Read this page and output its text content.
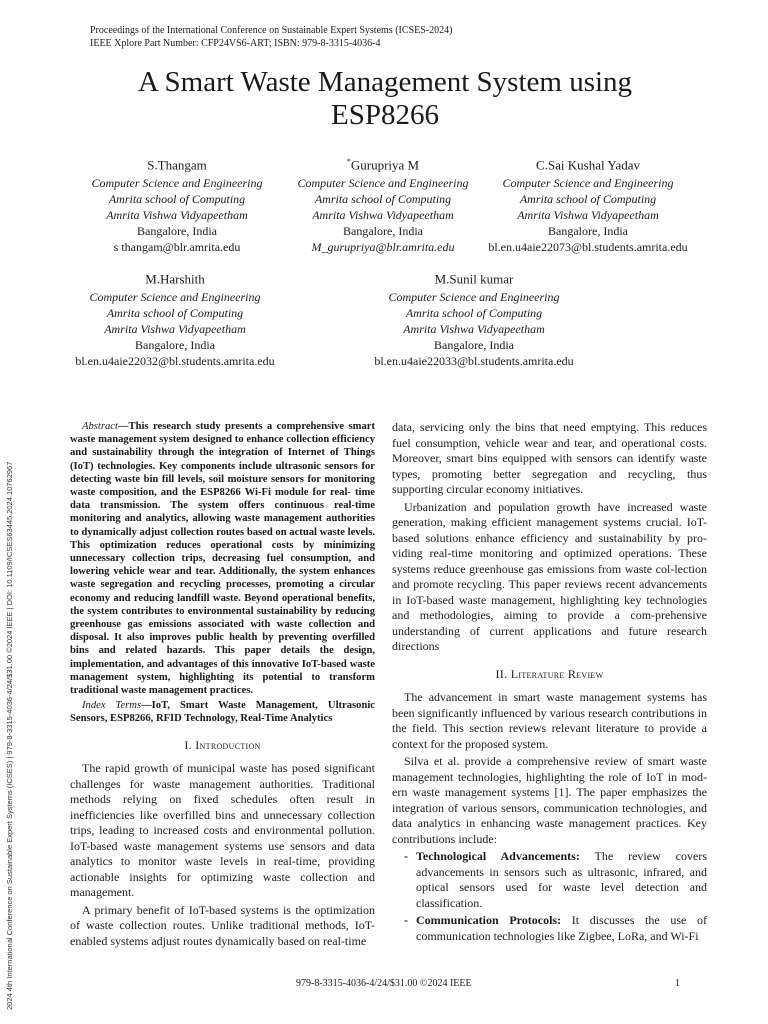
2024 4th International Conference on Sustainable Expert Systems (ICSES) | 979-8-3315-4036-4/24/$31.00 ©2024 IEEE | DOI: 10.1109/ICSES63445.2024.10762967
Proceedings of the International Conference on Sustainable Expert Systems (ICSES-2024)
IEEE Xplore Part Number: CFP24VS6-ART; ISBN: 979-8-3315-4036-4
A Smart Waste Management System using
ESP8266
S.Thangam
Computer Science and Engineering
Amrita school of Computing
Amrita Vishwa Vidyapeetham
Bangalore, India
s thangam@blr.amrita.edu
*Gurupriya M
Computer Science and Engineering
Amrita school of Computing
Amrita Vishwa Vidyapeetham
Bangalore, India
M_gurupriya@blr.amrita.edu
C.Sai Kushal Yadav
Computer Science and Engineering
Amrita school of Computing
Amrita Vishwa Vidyapeetham
Bangalore, India
bl.en.u4aie22073@bl.students.amrita.edu
M.Harshith
Computer Science and Engineering
Amrita school of Computing
Amrita Vishwa Vidyapeetham
Bangalore, India
bl.en.u4aie22032@bl.students.amrita.edu
M.Sunil kumar
Computer Science and Engineering
Amrita school of Computing
Amrita Vishwa Vidyapeetham
Bangalore, India
bl.en.u4aie22033@bl.students.amrita.edu

Abstract—This research study presents a comprehensive smart waste management system designed to enhance collection efficiency and sustainability through the integration of Internet of Things (IoT) technologies. Key components include ultrasonic sensors for detecting waste bin fill levels, soil moisture sensors for monitoring waste composition, and the ESP8266 Wi-Fi module for real- time data transmission. The system offers continuous real-time monitoring and analytics, allowing waste management authorities to dynamically adjust collection routes based on actual waste levels. This optimization reduces operational costs by minimizing unnecessary collection trips, decreasing fuel consumption, and lowering vehicle wear and tear. Additionally, the system enhances waste segregation and recycling processes, promoting a circular economy and reducing landfill waste. Beyond operational benefits, the system contributes to environmental sustainability by reducing greenhouse gas emissions associated with waste collection and disposal. It also improves public health by preventing overfilled bins and related hazards. This paper details the design, implementation, and advantages of this innovative IoT-based waste management system, highlighting its potential to transform traditional waste management practices.

Index Terms—IoT, Smart Waste Management, Ultrasonic Sensors, ESP8266, RFID Technology, Real-Time Analytics

I. Introduction

The rapid growth of municipal waste has posed significant challenges for waste management authorities. Traditional methods relying on fixed schedules often result in inefficiencies like overfilled bins and unnecessary collection trips, leading to increased costs and environmental pollution. IoT-based waste management systems use sensors and data analytics to monitor waste levels in real-time, providing actionable insights for optimizing waste collection and management.

A primary benefit of IoT-based systems is the optimization of waste collection routes. Unlike traditional methods, IoT-enabled systems adjust routes dynamically based on real-time

data, servicing only the bins that need emptying. This reduces fuel consumption, vehicle wear and tear, and operational costs. Moreover, smart bins equipped with sensors can identify waste types, promoting better segregation and recycling, thus supporting circular economy initiatives.

Urbanization and population growth have increased waste generation, making efficient management systems crucial. IoT-based solutions enhance efficiency and sustainability by pro-viding real-time monitoring and optimized operations. These systems reduce greenhouse gas emissions from waste col-lection and promote recycling. This paper reviews recent advancements in IoT-based waste management, highlighting key technologies and methodologies, aiming to provide a com-prehensive understanding of current applications and future research directions

II. Literature Review

The advancement in smart waste management systems has been significantly influenced by various research contributions in the field. This section reviews relevant literature to provide a context for the proposed system.

Silva et al. provide a comprehensive review of smart waste management technologies, highlighting the role of IoT in mod-ern waste management systems [1]. The paper emphasizes the integration of various sensors, communication technologies, and data analytics in enhancing waste management practices. Key contributions include:

- Technological Advancements: The review covers advancements in sensors such as ultrasonic, infrared, and optical sensors used for waste level detection and classification.
- Communication Protocols: It discusses the use of communication technologies like Zigbee, LoRa, and Wi-Fi
979-8-3315-4036-4/24/$31.00 ©2024 IEEE	1
